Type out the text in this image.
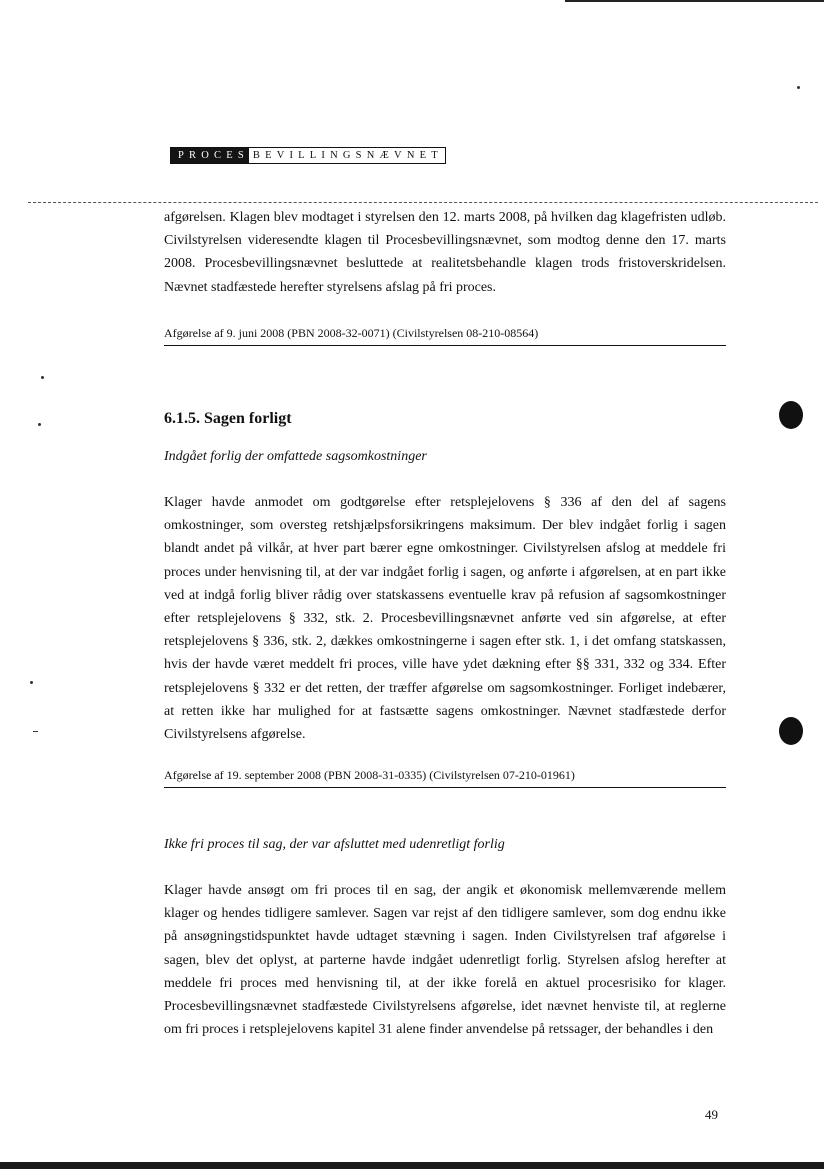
PROCES BEVILLINGSNÆVNET

afgørelsen. Klagen blev modtaget i styrelsen den 12. marts 2008, på hvilken dag klagefristen udløb. Civilstyrelsen videresendte klagen til Procesbevillingsnævnet, som modtog denne den 17. marts 2008. Procesbevillingsnævnet besluttede at realitetsbehandle klagen trods fristoverskridelsen. Nævnet stadfæstede herefter styrelsens afslag på fri proces.

Afgørelse af 9. juni 2008 (PBN 2008-32-0071) (Civilstyrelsen 08-210-08564)

6.1.5. Sagen forligt

Indgået forlig der omfattede sagsomkostninger

Klager havde anmodet om godtgørelse efter retsplejelovens § 336 af den del af sagens omkostninger, som oversteg retshjælpsforsikringens maksimum. Der blev indgået forlig i sagen blandt andet på vilkår, at hver part bærer egne omkostninger. Civilstyrelsen afslog at meddele fri proces under henvisning til, at der var indgået forlig i sagen, og anførte i afgørelsen, at en part ikke ved at indgå forlig bliver rådig over statskassens eventuelle krav på refusion af sagsomkostninger efter retsplejelovens § 332, stk. 2. Procesbevillingsnævnet anførte ved sin afgørelse, at efter retsplejelovens § 336, stk. 2, dækkes omkostningerne i sagen efter stk. 1, i det omfang statskassen, hvis der havde været meddelt fri proces, ville have ydet dækning efter §§ 331, 332 og 334. Efter retsplejelovens § 332 er det retten, der træffer afgørelse om sagsomkostninger. Forliget indebærer, at retten ikke har mulighed for at fastsætte sagens omkostninger. Nævnet stadfæstede derfor Civilstyrelsens afgørelse.

Afgørelse af 19. september 2008 (PBN 2008-31-0335) (Civilstyrelsen 07-210-01961)

Ikke fri proces til sag, der var afsluttet med udenretligt forlig

Klager havde ansøgt om fri proces til en sag, der angik et økonomisk mellemværende mellem klager og hendes tidligere samlever. Sagen var rejst af den tidligere samlever, som dog endnu ikke på ansøgningstidspunktet havde udtaget stævning i sagen. Inden Civilstyrelsen traf afgørelse i sagen, blev det oplyst, at parterne havde indgået udenretligt forlig. Styrelsen afslog herefter at meddele fri proces med henvisning til, at der ikke forelå en aktuel procesrisiko for klager. Procesbevillingsnævnet stadfæstede Civilstyrelsens afgørelse, idet nævnet henviste til, at reglerne om fri proces i retsplejelovens kapitel 31 alene finder anvendelse på retssager, der behandles i den

49
